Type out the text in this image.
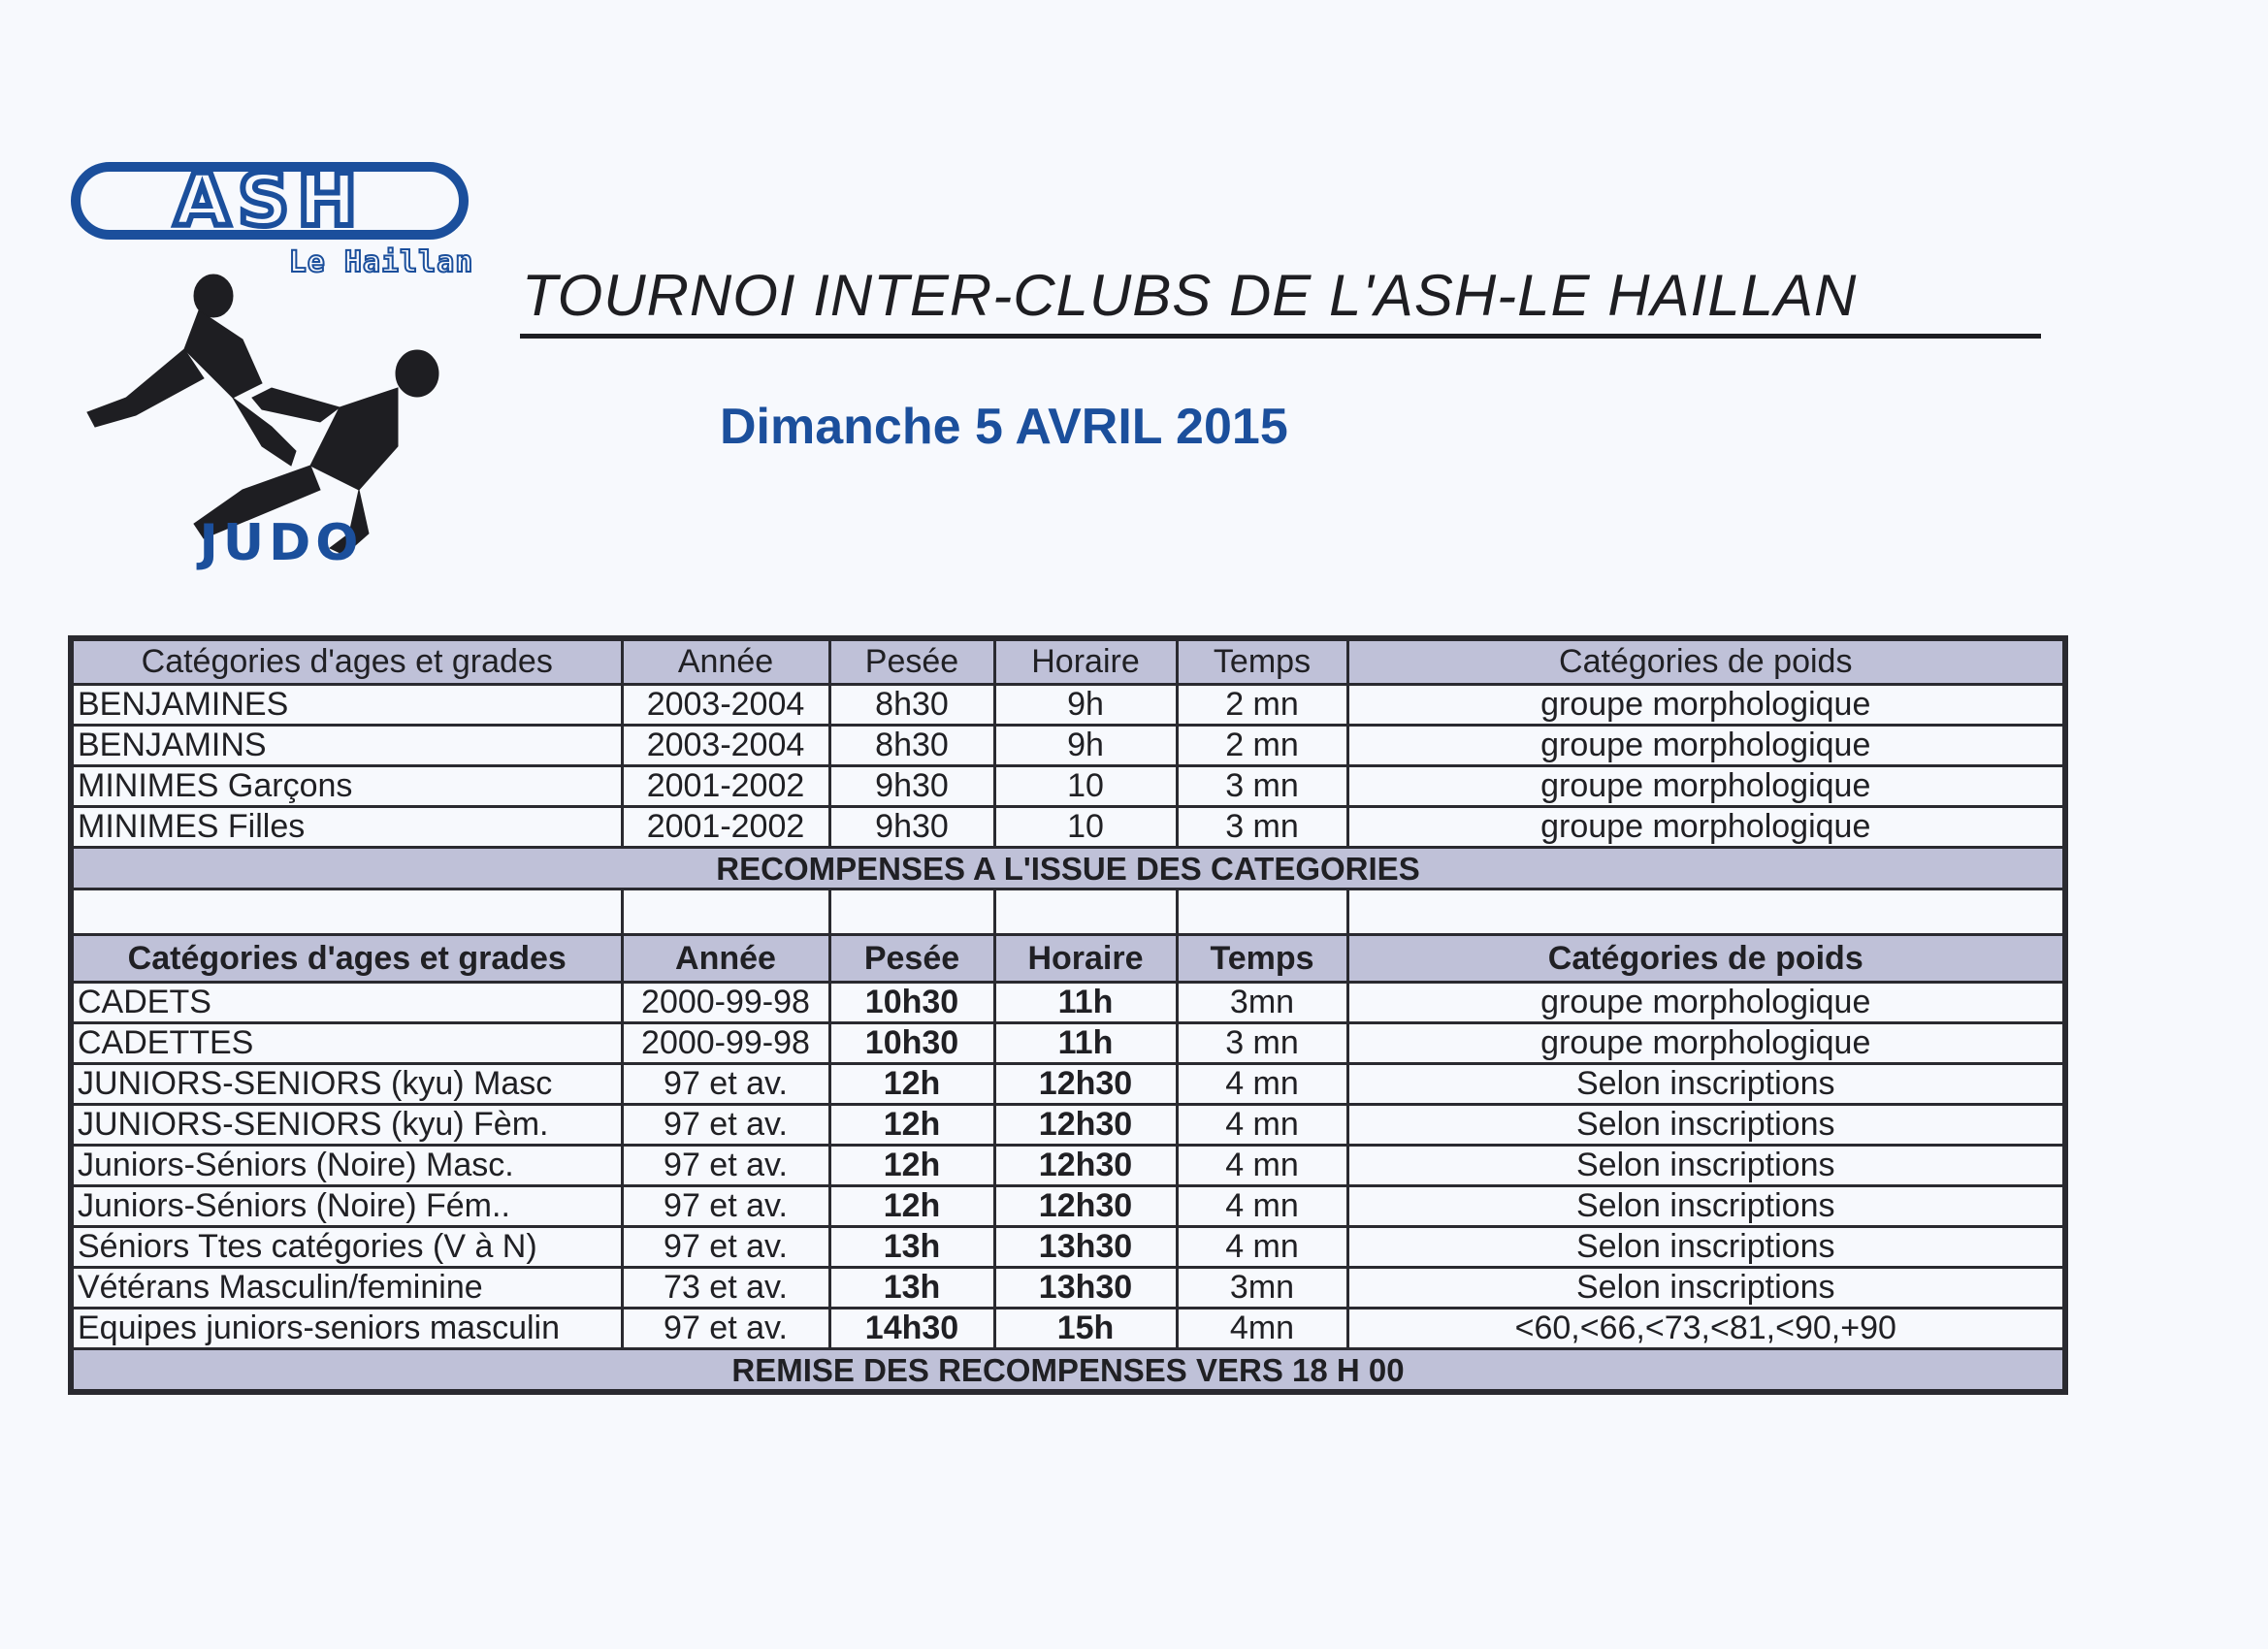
ASH
Le Haillan
JUDO
TOURNOI INTER-CLUBS DE L'ASH-LE HAILLAN
Dimanche 5 AVRIL 2015
Catégories d'ages et grades	Année	Pesée	Horaire	Temps	Catégories de poids
BENJAMINES	2003-2004	8h30	9h	2 mn	groupe morphologique
BENJAMINS	2003-2004	8h30	9h	2 mn	groupe morphologique
MINIMES Garçons	2001-2002	9h30	10	3 mn	groupe morphologique
MINIMES Filles	2001-2002	9h30	10	3 mn	groupe morphologique
RECOMPENSES A L'ISSUE DES CATEGORIES					

Catégories d'ages et grades	Année	Pesée	Horaire	Temps	Catégories de poids
CADETS	2000-99-98	10h30	11h	3mn	groupe morphologique
CADETTES	2000-99-98	10h30	11h	3 mn	groupe morphologique
JUNIORS-SENIORS (kyu) Masc	97 et av.	12h	12h30	4 mn	Selon inscriptions
JUNIORS-SENIORS (kyu) Fèm.	97 et av.	12h	12h30	4 mn	Selon inscriptions
Juniors-Séniors (Noire) Masc.	97 et av.	12h	12h30	4 mn	Selon inscriptions
Juniors-Séniors (Noire) Fém..	97 et av.	12h	12h30	4 mn	Selon inscriptions
Séniors Ttes catégories (V à N)	97 et av.	13h	13h30	4 mn	Selon inscriptions
Vétérans Masculin/feminine	73 et av.	13h	13h30	3mn	Selon inscriptions
Equipes juniors-seniors masculin	97 et av.	14h30	15h	4mn	<60,<66,<73,<81,<90,+90
REMISE DES RECOMPENSES VERS 18 H 00					
